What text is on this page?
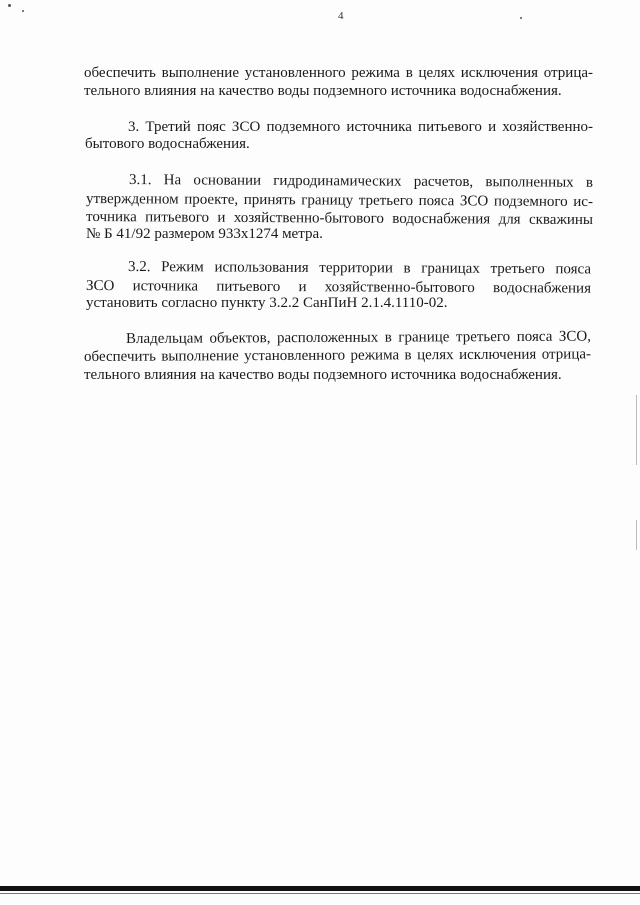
4
обеспечить выполнение установленного режима в целях исключения отрица-
тельного влияния на качество воды подземного источника водоснабжения.
3. Третий пояс ЗСО подземного источника питьевого и хозяйственно-
бытового водоснабжения.
3.1. На основании гидродинамических расчетов, выполненных в
утвержденном проекте, принять границу третьего пояса ЗСО подземного ис-
точника питьевого и хозяйственно-бытового водоснабжения для скважины
№ Б 41/92 размером 933х1274 метра.
3.2. Режим использования территории в границах третьего пояса
ЗСО источника питьевого и хозяйственно-бытового водоснабжения
установить согласно пункту 3.2.2 СанПиН 2.1.4.1110-02.
Владельцам объектов, расположенных в границе третьего пояса ЗСО,
обеспечить выполнение установленного режима в целях исключения отрица-
тельного влияния на качество воды подземного источника водоснабжения.
